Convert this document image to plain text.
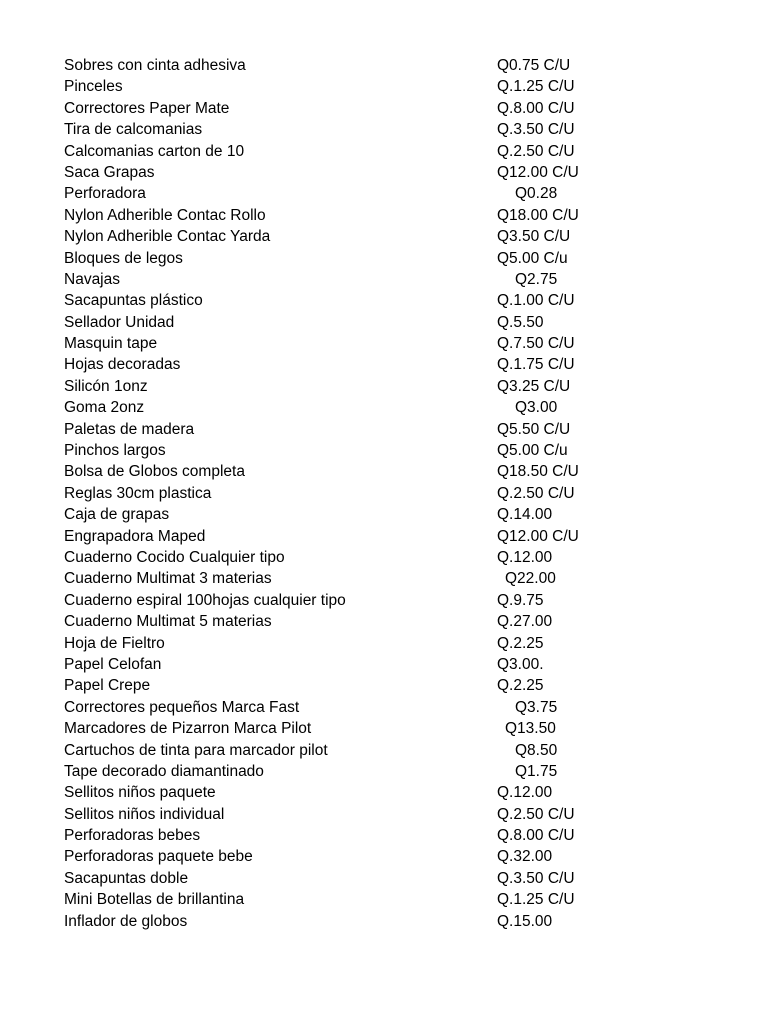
Sobres con cinta adhesiva	Q0.75 C/U
Pinceles	Q.1.25 C/U
Correctores Paper Mate	Q.8.00 C/U
Tira de calcomanias	Q.3.50 C/U
Calcomanias carton de 10	Q.2.50 C/U
Saca Grapas	Q12.00 C/U
Perforadora	Q0.28
Nylon Adherible Contac Rollo	Q18.00 C/U
Nylon Adherible Contac Yarda	Q3.50 C/U
Bloques de legos	Q5.00 C/u
Navajas	Q2.75
Sacapuntas plástico	Q.1.00 C/U
Sellador Unidad	Q.5.50
Masquin tape	Q.7.50 C/U
Hojas decoradas	Q.1.75 C/U
Silicón 1onz	Q3.25 C/U
Goma 2onz	Q3.00
Paletas de madera	Q5.50 C/U
Pinchos largos	Q5.00 C/u
Bolsa de Globos completa	Q18.50 C/U
Reglas 30cm plastica	Q.2.50 C/U
Caja de grapas	Q.14.00
Engrapadora Maped	Q12.00 C/U
Cuaderno Cocido Cualquier tipo	Q.12.00
Cuaderno Multimat 3 materias	Q22.00
Cuaderno espiral 100hojas cualquier tipo	Q.9.75
Cuaderno Multimat 5 materias	Q.27.00
Hoja de Fieltro	Q.2.25
Papel Celofan	Q3.00.
Papel Crepe	Q.2.25
Correctores pequeños Marca Fast	Q3.75
Marcadores de Pizarron Marca Pilot	Q13.50
Cartuchos de tinta para marcador pilot	Q8.50
Tape decorado diamantinado	Q1.75
Sellitos niños paquete	Q.12.00
Sellitos niños individual	Q.2.50 C/U
Perforadoras bebes	Q.8.00 C/U
Perforadoras paquete bebe	Q.32.00
Sacapuntas doble	Q.3.50 C/U
Mini Botellas de brillantina	Q.1.25 C/U
Inflador de globos	Q.15.00
